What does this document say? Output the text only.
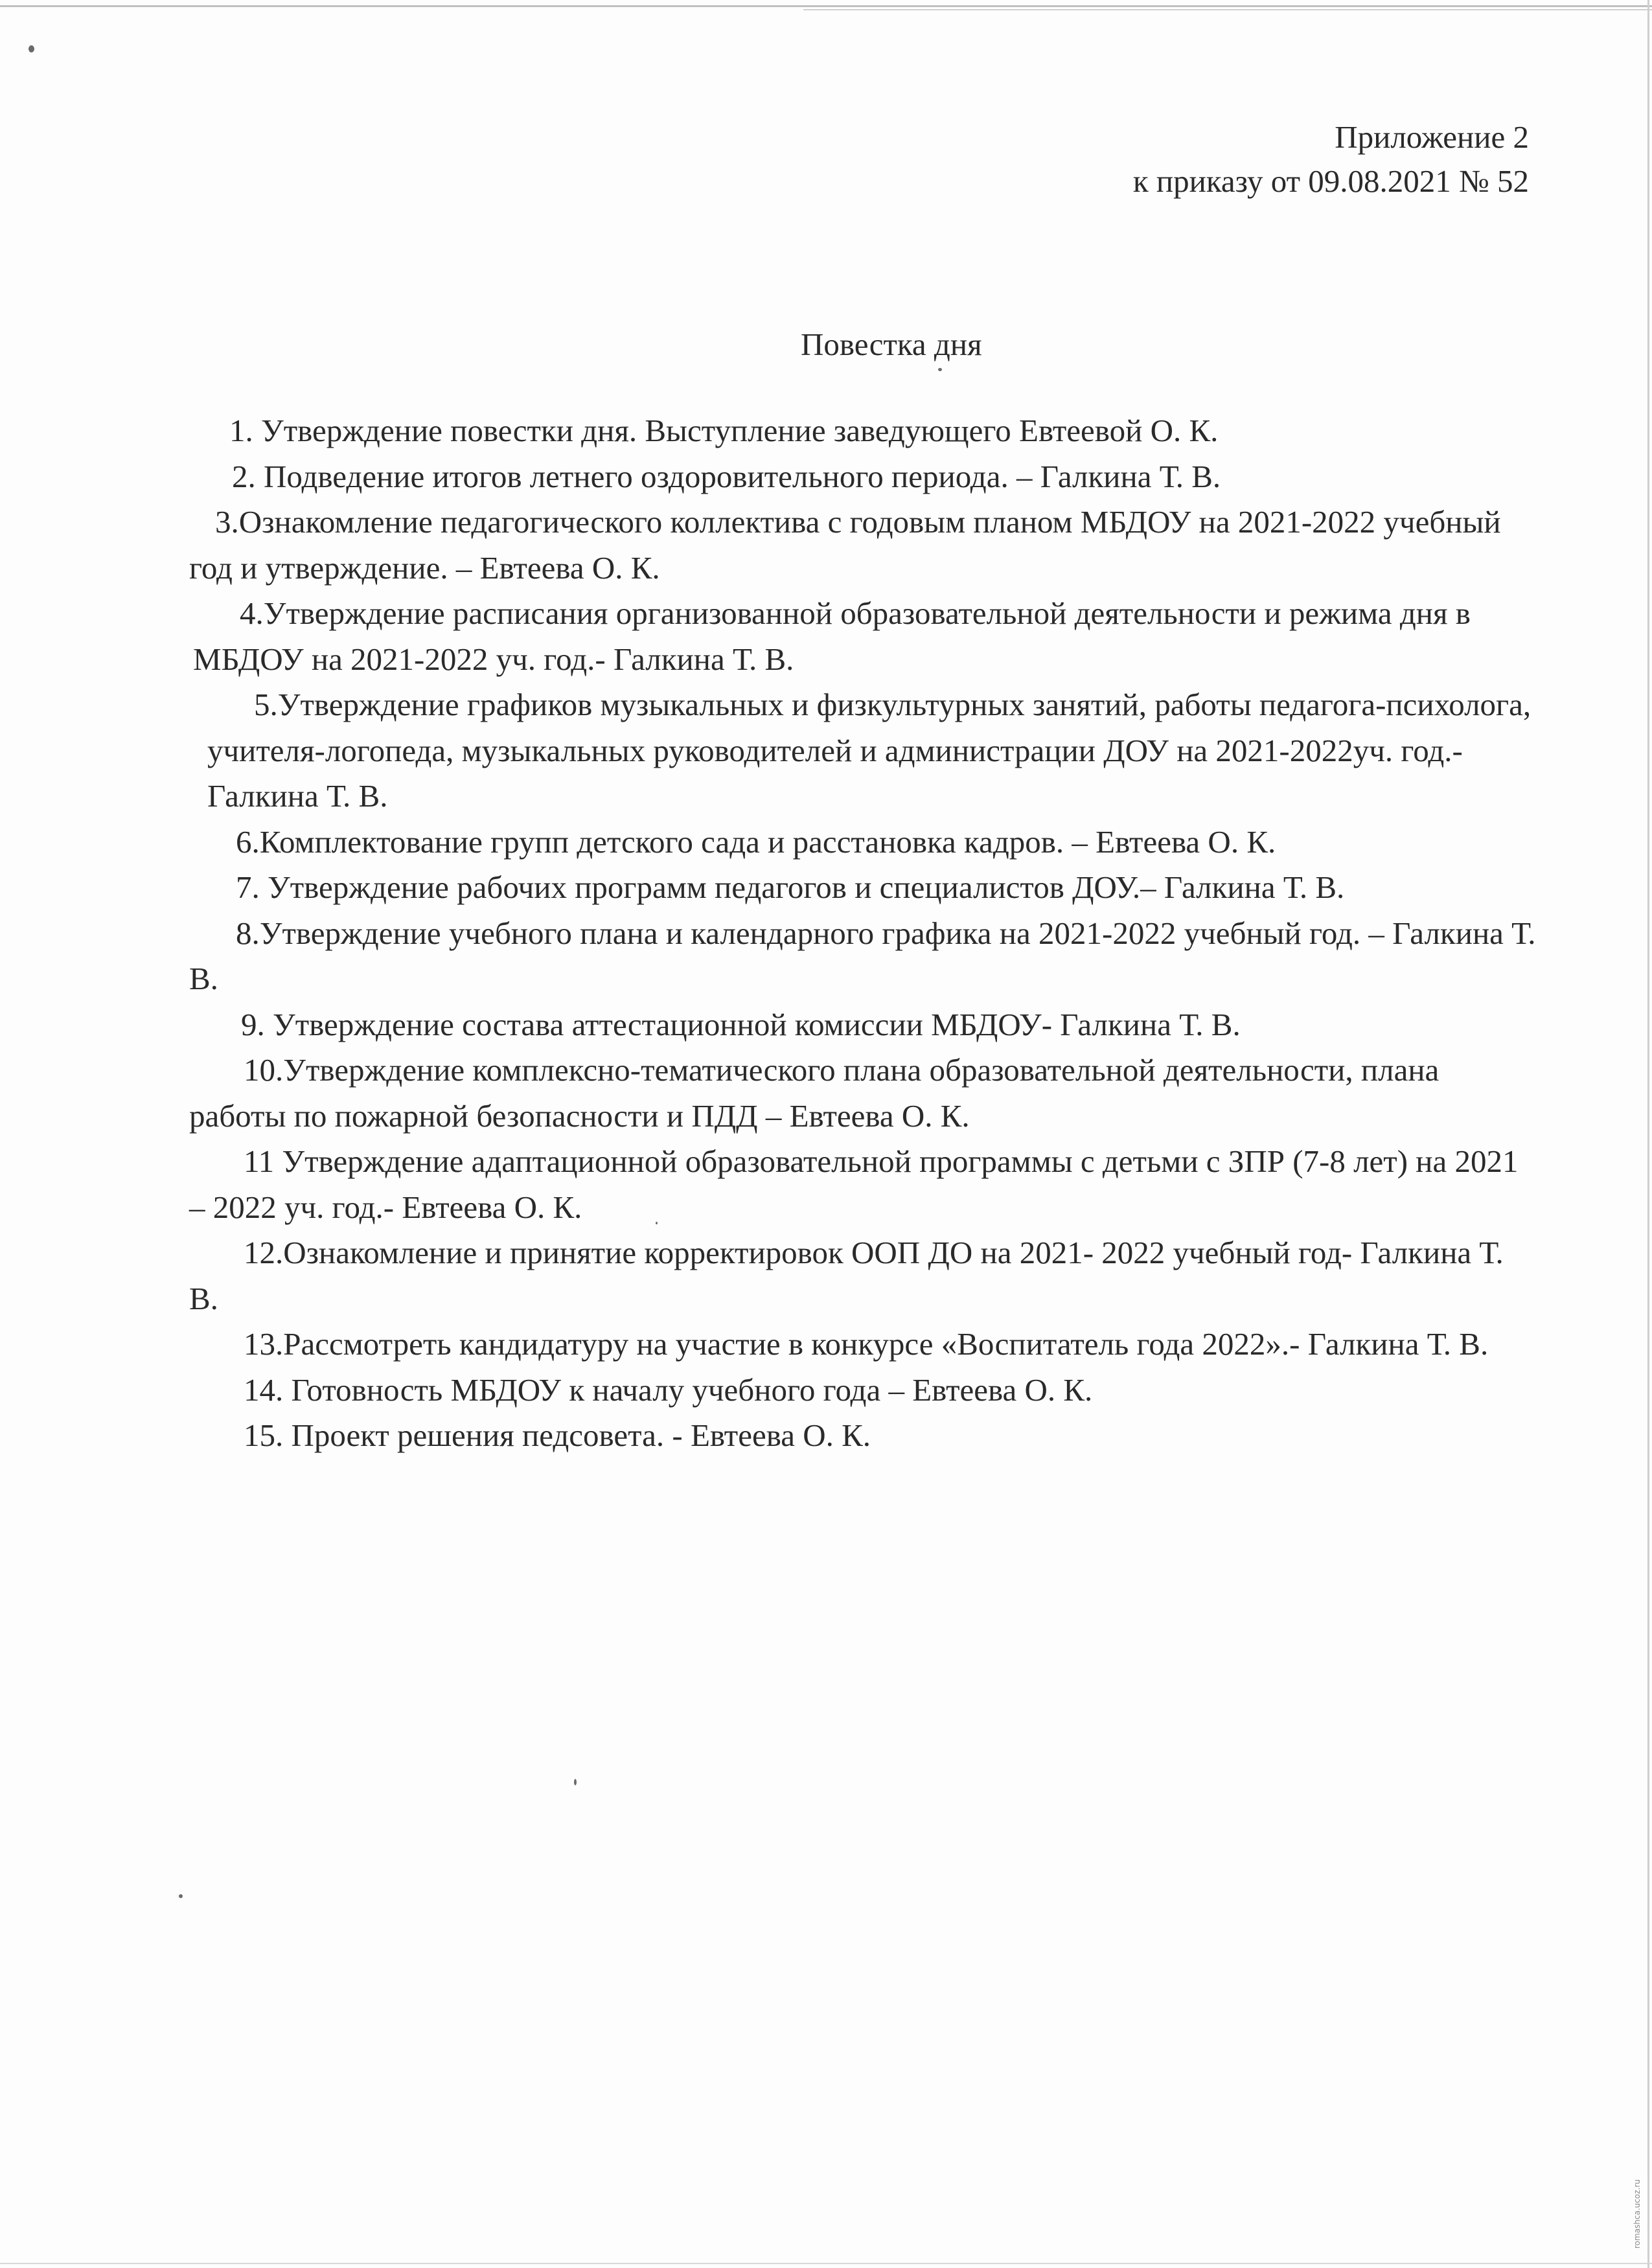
Приложение 2
к приказу от 09.08.2021 № 52
Повестка дня

1. Утверждение повестки дня. Выступление заведующего Евтеевой О. К.

2. Подведение итогов летнего оздоровительного периода. – Галкина Т. В.

3.Ознакомление педагогического коллектива с годовым планом МБДОУ на 2021-2022 учебный год и утверждение. – Евтеева О. К.

4.Утверждение расписания организованной образовательной деятельности и режима дня в МБДОУ на 2021-2022 уч. год.- Галкина Т. В.

5.Утверждение графиков музыкальных и физкультурных занятий, работы педагога-психолога, учителя-логопеда, музыкальных руководителей и администрации ДОУ на 2021-2022уч. год.- Галкина Т. В.

6.Комплектование групп детского сада и расстановка кадров. – Евтеева О. К.

7. Утверждение рабочих программ педагогов и специалистов ДОУ.– Галкина Т. В.

8.Утверждение учебного плана и календарного графика на 2021-2022 учебный год. – Галкина Т. В.

9. Утверждение состава аттестационной комиссии МБДОУ- Галкина Т. В.

10.Утверждение комплексно-тематического плана образовательной деятельности, плана работы по пожарной безопасности и ПДД – Евтеева О. К.

11 Утверждение адаптационной образовательной программы с детьми с ЗПР (7-8 лет) на 2021 – 2022 уч. год.- Евтеева О. К.

12.Ознакомление и принятие корректировок ООП ДО на 2021- 2022 учебный год- Галкина Т. В.

13.Рассмотреть кандидатуру на участие в конкурсе «Воспитатель года 2022».- Галкина Т. В.

14. Готовность МБДОУ к началу учебного года – Евтеева О. К.

15. Проект решения педсовета. - Евтеева О. К.

romashca.ucoz.ru
